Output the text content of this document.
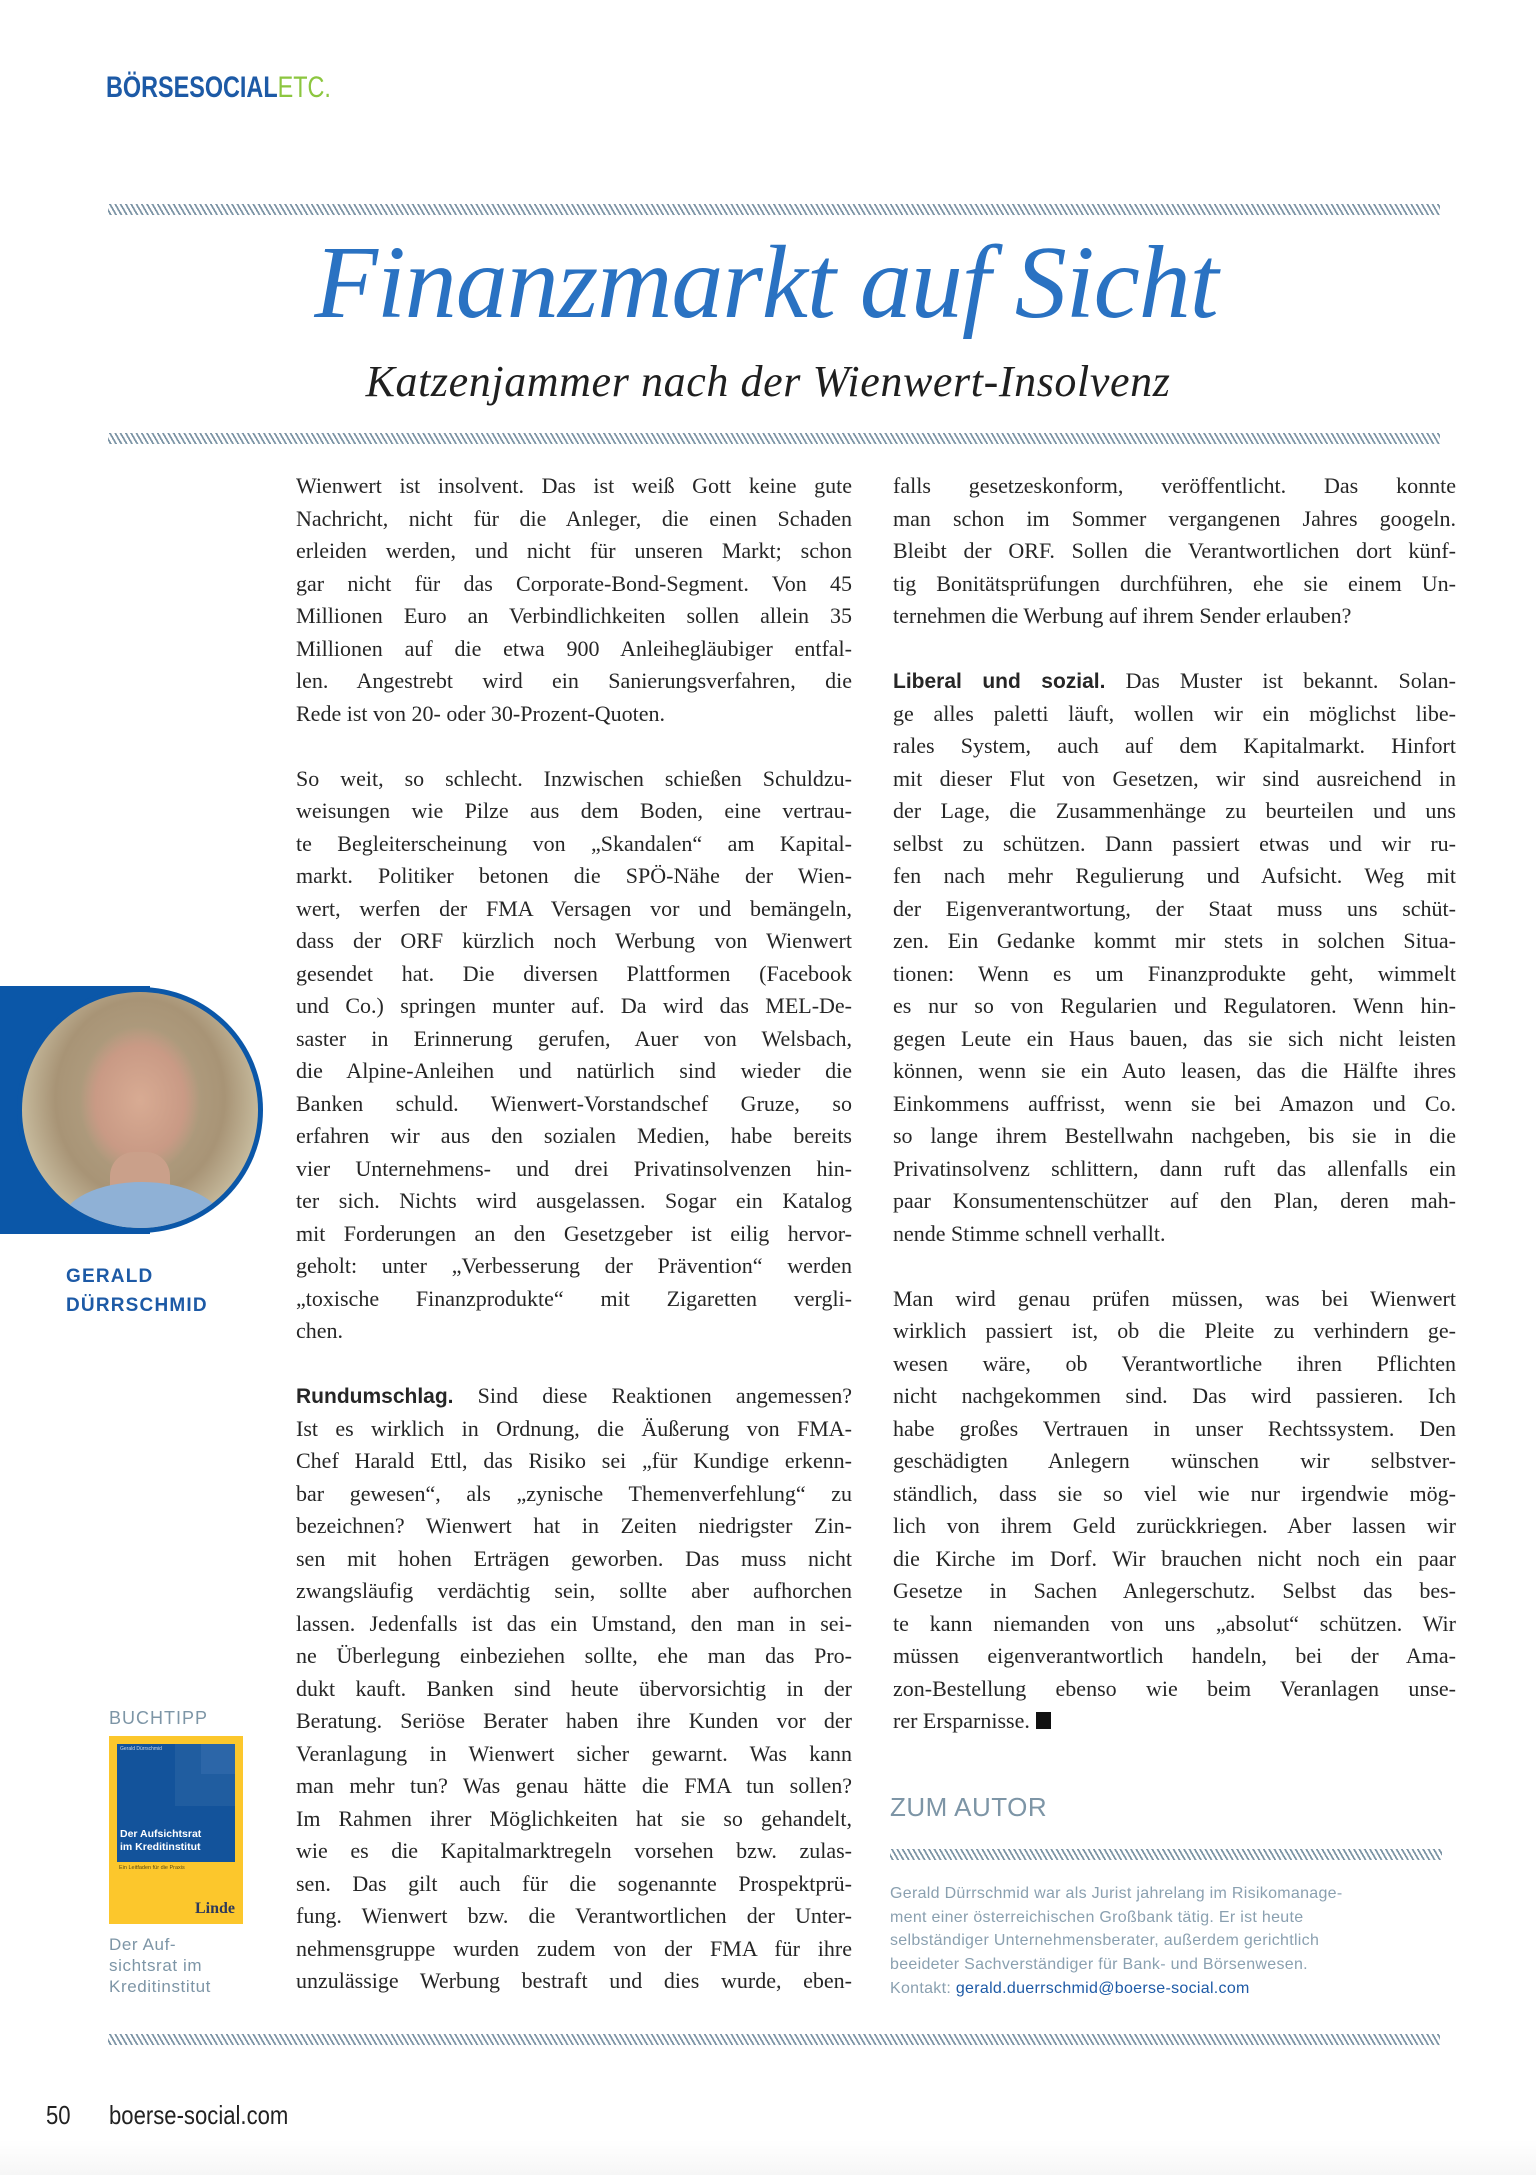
BÖRSESOCIALETC.
Finanzmarkt auf Sicht
Katzenjammer nach der Wienwert-Insolvenz
Wienwert ist insolvent. Das ist weiß Gott keine gute
Nachricht, nicht für die Anleger, die einen Schaden
erleiden werden, und nicht für unseren Markt; schon
gar nicht für das Corporate-Bond-Segment. Von 45
Millionen Euro an Verbindlichkeiten sollen allein 35
Millionen auf die etwa 900 Anleihegläubiger entfal-
len. Angestrebt wird ein Sanierungsverfahren, die
Rede ist von 20- oder 30-Prozent-Quoten.
So weit, so schlecht. Inzwischen schießen Schuldzu-
weisungen wie Pilze aus dem Boden, eine vertrau-
te Begleiterscheinung von „Skandalen“ am Kapital-
markt. Politiker betonen die SPÖ-Nähe der Wien-
wert, werfen der FMA Versagen vor und bemängeln,
dass der ORF kürzlich noch Werbung von Wienwert
gesendet hat. Die diversen Plattformen (Facebook
und Co.) springen munter auf. Da wird das MEL-De-
saster in Erinnerung gerufen, Auer von Welsbach,
die Alpine-Anleihen und natürlich sind wieder die
Banken schuld. Wienwert-Vorstandschef Gruze, so
erfahren wir aus den sozialen Medien, habe bereits
vier Unternehmens- und drei Privatinsolvenzen hin-
ter sich. Nichts wird ausgelassen. Sogar ein Katalog
mit Forderungen an den Gesetzgeber ist eilig hervor-
geholt: unter „Verbesserung der Prävention“ werden
„toxische Finanzprodukte“ mit Zigaretten vergli-
chen.
Rundumschlag. Sind diese Reaktionen angemessen?
Ist es wirklich in Ordnung, die Äußerung von FMA-
Chef Harald Ettl, das Risiko sei „für Kundige erkenn-
bar gewesen“, als „zynische Themenverfehlung“ zu
bezeichnen? Wienwert hat in Zeiten niedrigster Zin-
sen mit hohen Erträgen geworben. Das muss nicht
zwangsläufig verdächtig sein, sollte aber aufhorchen
lassen. Jedenfalls ist das ein Umstand, den man in sei-
ne Überlegung einbeziehen sollte, ehe man das Pro-
dukt kauft. Banken sind heute übervorsichtig in der
Beratung. Seriöse Berater haben ihre Kunden vor der
Veranlagung in Wienwert sicher gewarnt. Was kann
man mehr tun? Was genau hätte die FMA tun sollen?
Im Rahmen ihrer Möglichkeiten hat sie so gehandelt,
wie es die Kapitalmarktregeln vorsehen bzw. zulas-
sen. Das gilt auch für die sogenannte Prospektprü-
fung. Wienwert bzw. die Verantwortlichen der Unter-
nehmensgruppe wurden zudem von der FMA für ihre
unzulässige Werbung bestraft und dies wurde, eben-
falls gesetzeskonform, veröffentlicht. Das konnte
man schon im Sommer vergangenen Jahres googeln.
Bleibt der ORF. Sollen die Verantwortlichen dort künf-
tig Bonitätsprüfungen durchführen, ehe sie einem Un-
ternehmen die Werbung auf ihrem Sender erlauben?
Liberal und sozial. Das Muster ist bekannt. Solan-
ge alles paletti läuft, wollen wir ein möglichst libe-
rales System, auch auf dem Kapitalmarkt. Hinfort
mit dieser Flut von Gesetzen, wir sind ausreichend in
der Lage, die Zusammenhänge zu beurteilen und uns
selbst zu schützen. Dann passiert etwas und wir ru-
fen nach mehr Regulierung und Aufsicht. Weg mit
der Eigenverantwortung, der Staat muss uns schüt-
zen. Ein Gedanke kommt mir stets in solchen Situa-
tionen: Wenn es um Finanzprodukte geht, wimmelt
es nur so von Regularien und Regulatoren. Wenn hin-
gegen Leute ein Haus bauen, das sie sich nicht leisten
können, wenn sie ein Auto leasen, das die Hälfte ihres
Einkommens auffrisst, wenn sie bei Amazon und Co.
so lange ihrem Bestellwahn nachgeben, bis sie in die
Privatinsolvenz schlittern, dann ruft das allenfalls ein
paar Konsumentenschützer auf den Plan, deren mah-
nende Stimme schnell verhallt.
Man wird genau prüfen müssen, was bei Wienwert
wirklich passiert ist, ob die Pleite zu verhindern ge-
wesen wäre, ob Verantwortliche ihren Pflichten
nicht nachgekommen sind. Das wird passieren. Ich
habe großes Vertrauen in unser Rechtssystem. Den
geschädigten Anlegern wünschen wir selbstver-
ständlich, dass sie so viel wie nur irgendwie mög-
lich von ihrem Geld zurückkriegen. Aber lassen wir
die Kirche im Dorf. Wir brauchen nicht noch ein paar
Gesetze in Sachen Anlegerschutz. Selbst das bes-
te kann niemanden von uns „absolut“ schützen. Wir
müssen eigenverantwortlich handeln, bei der Ama-
zon-Bestellung ebenso wie beim Veranlagen unse-
rer Ersparnisse.
GERALD
DÜRRSCHMID
BUCHTIPP
Gerald Dürrschmid
Der Aufsichtsrat
im Kreditinstitut
Ein Leitfaden für die Praxis
Linde
Der Auf-
sichtsrat im
Kreditinstitut
ZUM AUTOR
Gerald Dürrschmid war als Jurist jahrelang im Risikomanage-
ment einer österreichischen Großbank tätig. Er ist heute
selbständiger Unternehmensberater, außerdem gerichtlich
beeideter Sachverständiger für Bank- und Börsenwesen.
Kontakt: gerald.duerrschmid@boerse-social.com
50 boerse-social.com
